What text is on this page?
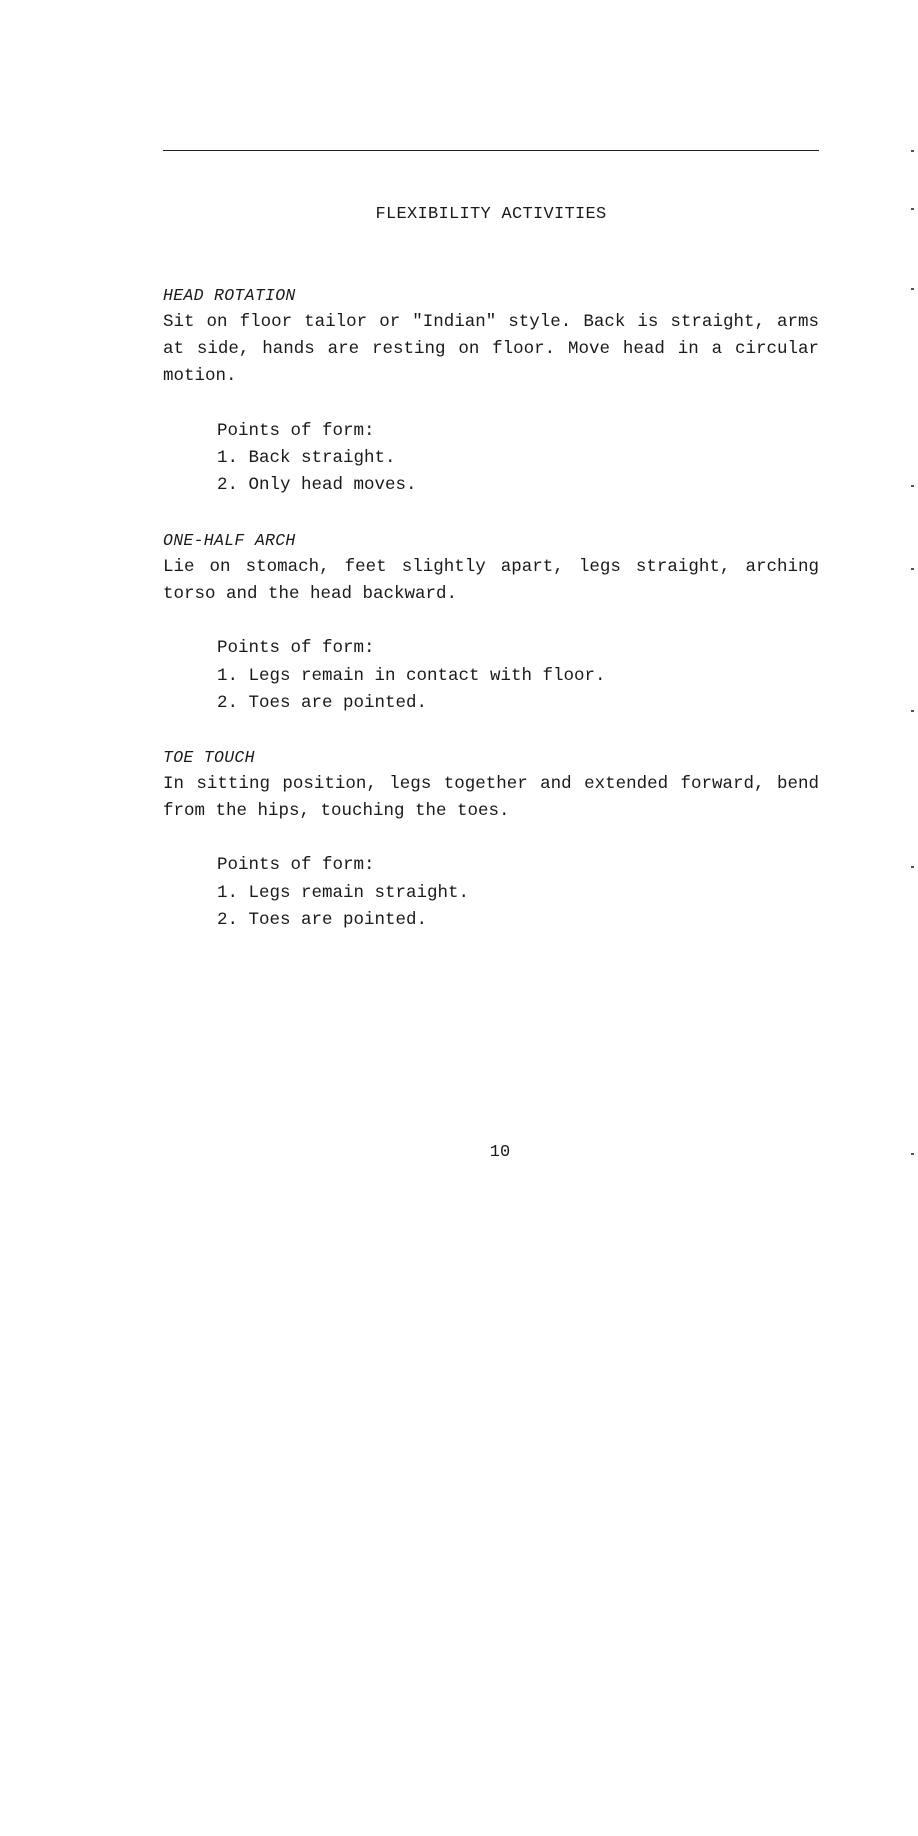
FLEXIBILITY ACTIVITIES
HEAD ROTATION

Sit on floor tailor or "Indian" style. Back is straight, arms at side, hands are resting on floor. Move head in a circular motion.

Points of form:
1. Back straight.
2. Only head moves.
ONE-HALF ARCH

Lie on stomach, feet slightly apart, legs straight, arching torso and the head backward.

Points of form:
1. Legs remain in contact with floor.
2. Toes are pointed.
TOE TOUCH

In sitting position, legs together and extended forward, bend from the hips, touching the toes.

Points of form:
1. Legs remain straight.
2. Toes are pointed.
10
